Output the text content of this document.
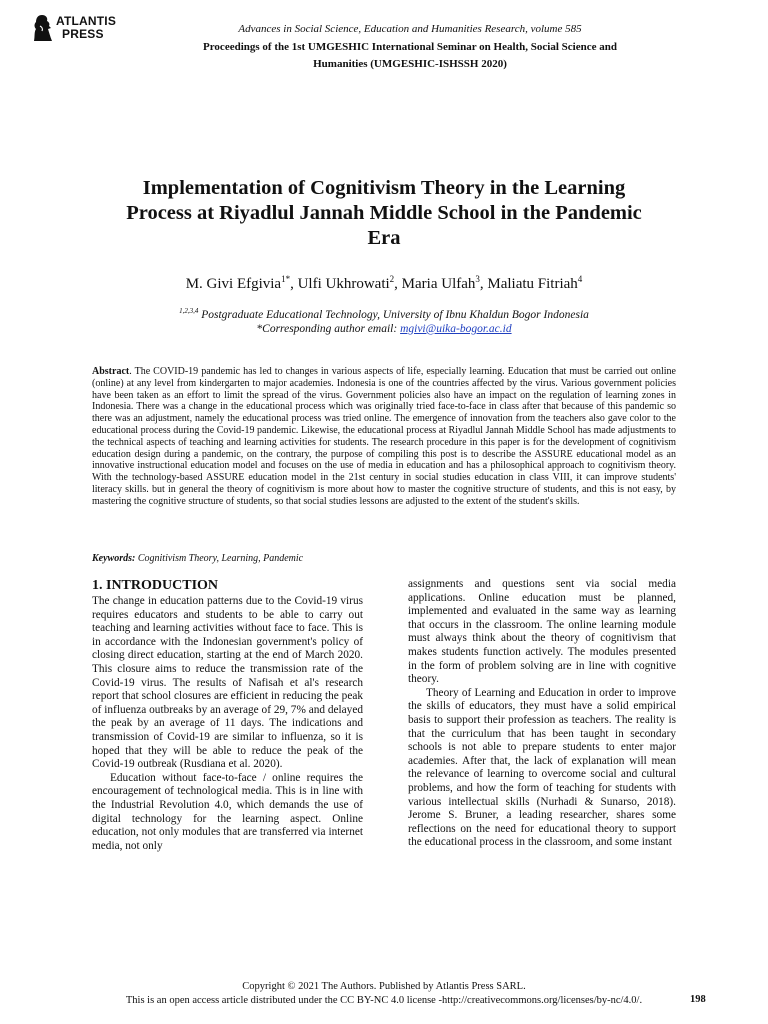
ATLANTIS
PRESS	Advances in Social Science, Education and Humanities Research, volume 585
Proceedings of the 1st UMGESHIC International Seminar on Health, Social Science and
Humanities (UMGESHIC-ISHSSH 2020)
Implementation of Cognitivism Theory in the Learning
Process at Riyadlul Jannah Middle School in the Pandemic
Era
M. Givi Efgivia$^{1*}$, Ulfi Ukhrowati$^2$, Maria Ulfah$^3$, Maliatu Fitriah$^4$
$^{1,2,3,4}$ Postgraduate Educational Technology, University of Ibnu Khaldun Bogor Indonesia
*Corresponding author email: mgivi@uika-bogor.ac.id
Abstract. The COVID-19 pandemic has led to changes in various aspects of life, especially learning. Education that must be carried out online (online) at any level from kindergarten to major academies. Indonesia is one of the countries affected by the virus. Various government policies have been taken as an effort to limit the spread of the virus. Government policies also have an impact on the regulation of learning zones in Indonesia. There was a change in the educational process which was originally tried face-to-face in class after that because of this pandemic so there was an adjustment, namely the educational process was tried online. The emergence of innovation from the teachers also gave color to the educational process during the Covid-19 pandemic. Likewise, the educational process at Riyadlul Jannah Middle School has made adjustments to the technical aspects of teaching and learning activities for students. The research procedure in this paper is for the development of cognitivism education design during a pandemic, on the contrary, the purpose of compiling this post is to describe the ASSURE educational model as an innovative instructional education model and focuses on the use of media in education and has a philosophical approach to cognitivism theory. With the technology-based ASSURE education model in the 21st century in social studies education in class VIII, it can improve students' literacy skills. but in general the theory of cognitivism is more about how to master the cognitive structure of students, and this is not easy, by mastering the cognitive structure of students, so that social studies lessons are adjusted to the extent of the student's skills.
Keywords: Cognitivism Theory, Learning, Pandemic
1. INTRODUCTION

The change in education patterns due to the Covid-19 virus requires educators and students to be able to carry out teaching and learning activities without face to face. This is in accordance with the Indonesian government's policy of closing direct education, starting at the end of March 2020. This closure aims to reduce the transmission rate of the Covid-19 virus. The results of Nafisah et al's research report that school closures are efficient in reducing the peak of influenza outbreaks by an average of 29, 7% and delayed the peak by an average of 11 days. The indications and transmission of Covid-19 are similar to influenza, so it is hoped that they will be able to reduce the peak of the Covid-19 outbreak (Rusdiana et al. 2020).

Education without face-to-face / online requires the encouragement of technological media. This is in line with the Industrial Revolution 4.0, which demands the use of digital technology for the learning aspect. Online education, not only modules that are transferred via internet media, not only

assignments and questions sent via social media applications. Online education must be planned, implemented and evaluated in the same way as learning that occurs in the classroom. The online learning module must always think about the theory of cognitivism that makes students function actively. The modules presented in the form of problem solving are in line with cognitive theory.

Theory of Learning and Education in order to improve the skills of educators, they must have a solid empirical basis to support their profession as teachers. The reality is that the curriculum that has been taught in secondary schools is not able to prepare students to enter major academies. After that, the lack of explanation will mean the relevance of learning to overcome social and cultural problems, and how the form of teaching for students with various intellectual skills (Nurhadi & Sunarso, 2018). Jerome S. Bruner, a leading researcher, shares some reflections on the need for educational theory to support the educational process in the classroom, and some instant

Copyright © 2021 The Authors. Published by Atlantis Press SARL.
This is an open access article distributed under the CC BY-NC 4.0 license -http://creativecommons.org/licenses/by-nc/4.0/.	198
